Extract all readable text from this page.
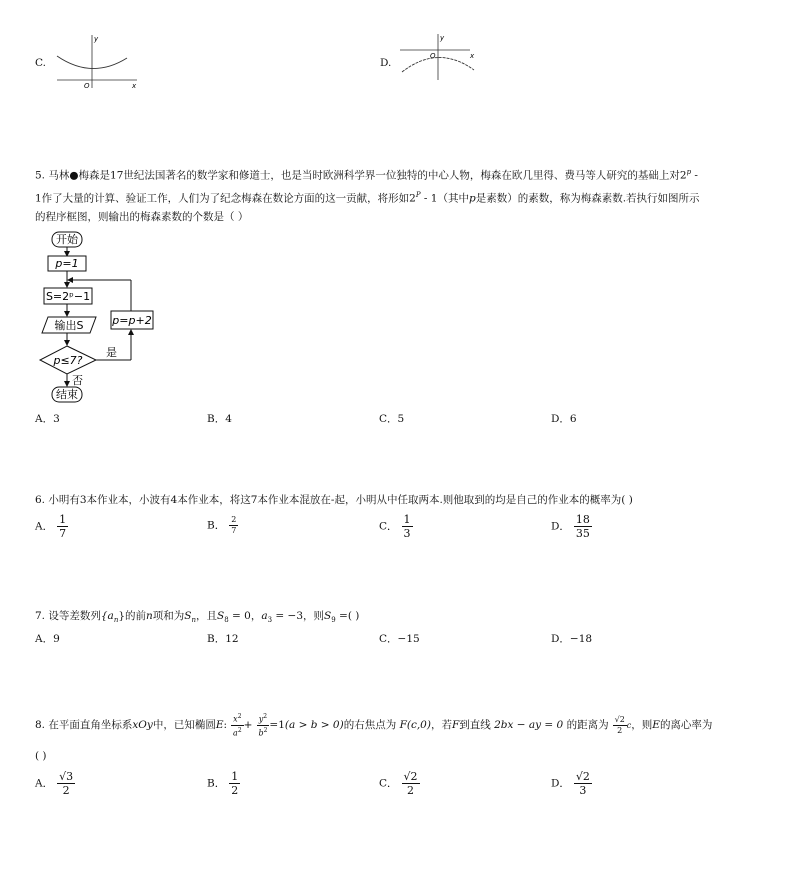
C.
y
x
O
D.
y
x
O
5. 马林●梅森是17世纪法国著名的数学家和修道士，也是当时欧洲科学界一位独特的中心人物，梅森在欧几里得、费马等人研究的基础上对2$^p$ -
1作了大量的计算、验证工作，人们为了纪念梅森在数论方面的这一贡献，将形如$2^P - 1$（其中p是素数）的素数，称为梅森素数.若执行如图所示
的程序框图，则输出的梅森素数的个数是（ ）
开始
p=1
S=2ᵖ−1
输出S
p≤7?
是
p=p+2
否
结束
A．3	B．4	C．5	D．6
6. 小明有3本作业本，小波有4本作业本，将这7本作业本混放在-起，小明从中任取两本.则他取到的均是自己的作业本的概率为( )
A． $\frac{1}{7}$	B． $\frac{2}{7}$	C． $\frac{1}{3}$	D． $\frac{18}{35}$
7. 设等差数列$\{a_n\}$的前n项和为$S_n$，且$S_8 = 0$，$a_3 = -3$，则$S_9$ =( )
A．9	B．12	C．−15	D．−18
8. 在平面直角坐标系xOy中，已知椭圆E: $\frac{x^2}{a^2} + \frac{y^2}{b^2} =1(a > b > 0)$的右焦点为 F(c,0)，若F到直线 2bx − ay = 0 的距离为 $\frac{√2}{2}$ c，则E的离心率为
( )
A． $\frac{√3}{2}$	B． $\frac{1}{2}$	C． $\frac{√2}{2}$	D． $\frac{√2}{3}$
